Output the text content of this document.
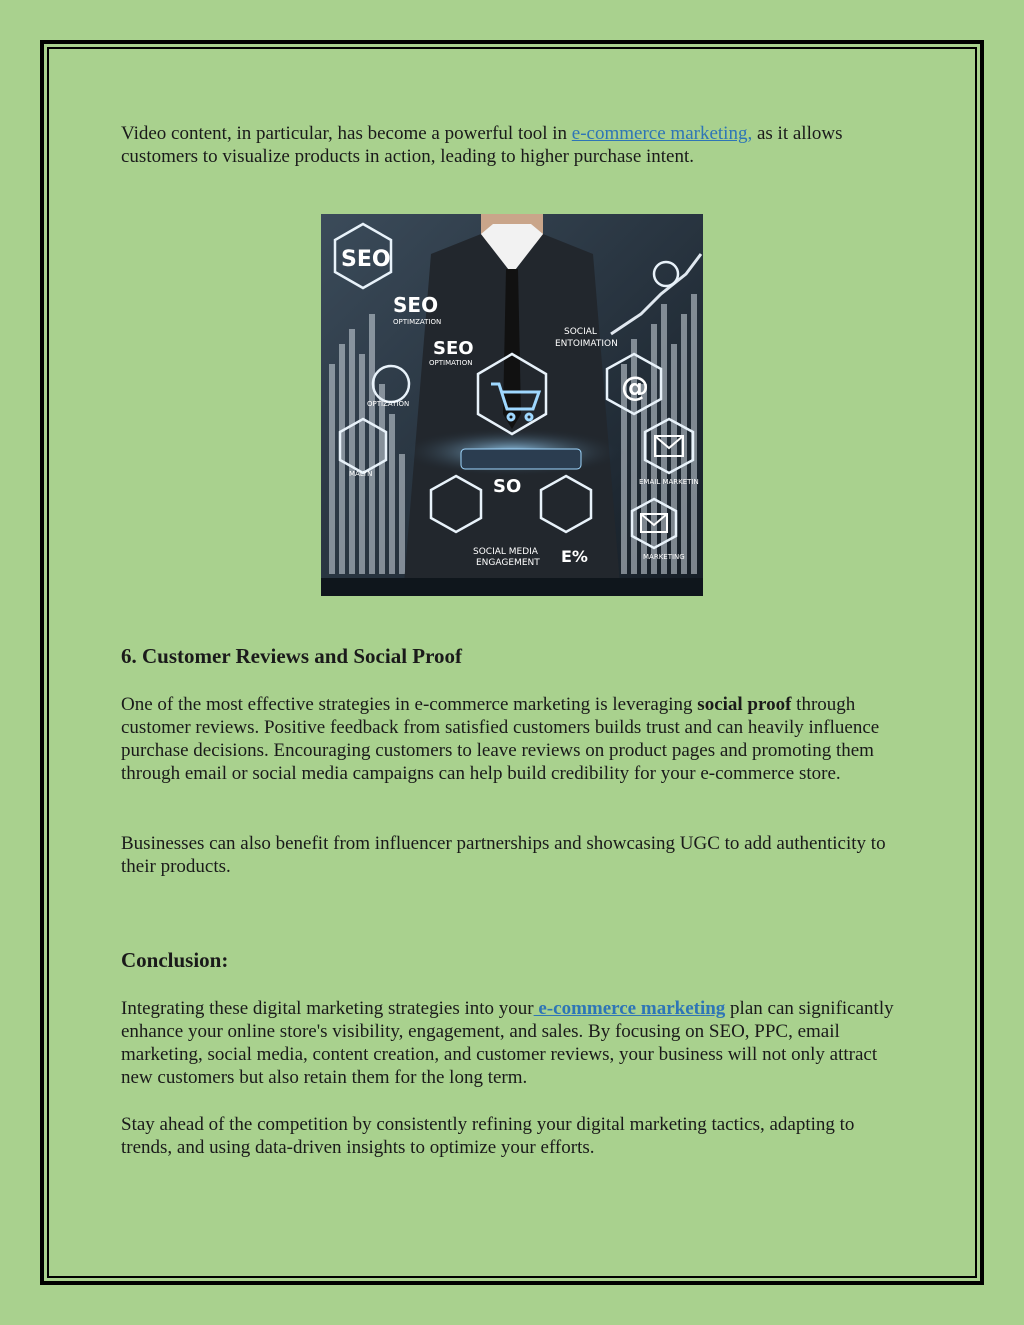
Video content, in particular, has become a powerful tool in e-commerce marketing, as it allows customers to visualize products in action, leading to higher purchase intent.

6. Customer Reviews and Social Proof

One of the most effective strategies in e-commerce marketing is leveraging social proof through customer reviews. Positive feedback from satisfied customers builds trust and can heavily influence purchase decisions. Encouraging customers to leave reviews on product pages and promoting them through email or social media campaigns can help build credibility for your e-commerce store.

Businesses can also benefit from influencer partnerships and showcasing UGC to add authenticity to their products.

Conclusion:

Integrating these digital marketing strategies into your e-commerce marketing plan can significantly enhance your online store's visibility, engagement, and sales. By focusing on SEO, PPC, email marketing, social media, content creation, and customer reviews, your business will not only attract new customers but also retain them for the long term.

Stay ahead of the competition by consistently refining your digital marketing tactics, adapting to trends, and using data-driven insights to optimize your efforts.

SEO
SEO
OPTIMZATION
SEO
OPTIMATION
OPTIZATION
SOCIAL
ENTOIMATION
@
MALYN
SO	EMAIL MARKETIN
SOCIAL MEDIA
ENGAGEMENT
MARKETING
E%
